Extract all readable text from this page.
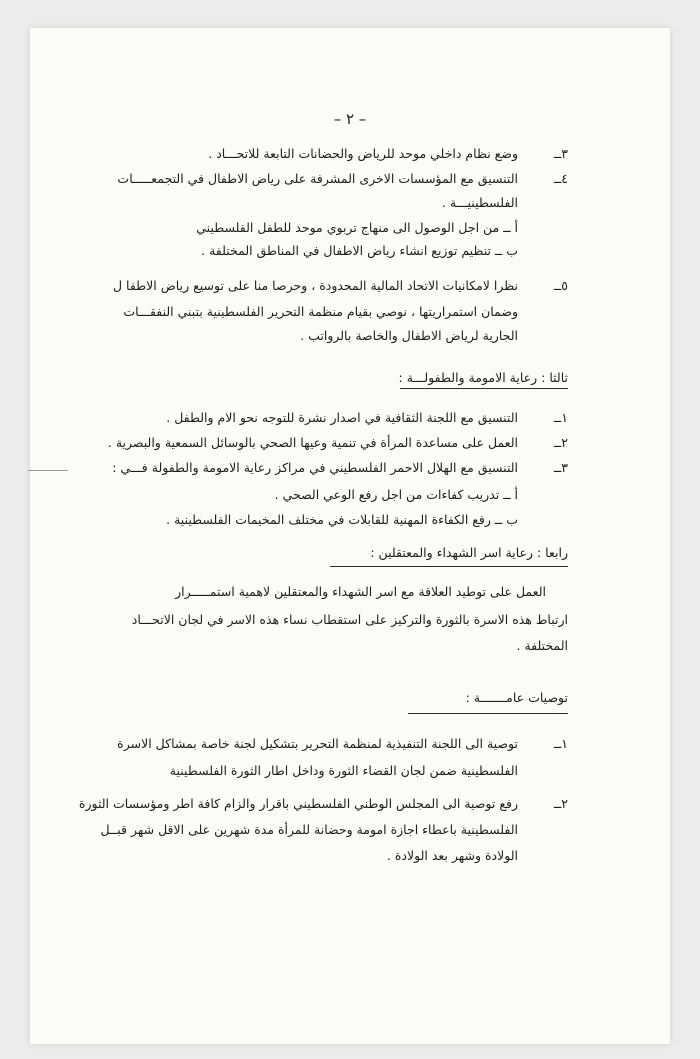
– ٢ –
٣ــ
وضع نظام داخلي موحد للرياض والحضانات التابعة للاتحـــاد .
٤ــ
التنسيق مع المؤسسات الاخرى المشرفة على رياض الاطفال في التجمعـــــات
الفلسطينيـــة .
أ ــ من اجل الوصول الى منهاج تربوي موحد للطفل الفلسطيني
ب ــ تنظيم توزيع انشاء رياض الاطفال في المناطق المختلفة .
٥ــ
نظرا لامكانيات الاتحاد المالية المحدودة ، وحرصا منا على توسيع رياض الاطفا ل
وضمان استمراريتها ، نوصي بقيام منظمة التحرير الفلسطينية بتبني النفقـــات
الجارية لرياض الاطفال والخاصة بالرواتب .
ثالثا : رعاية الامومة والطفولـــة :
١ــ
التنسيق مع اللجنة الثقافية في اصدار نشرة للتوجه نحو الام والطفل .
٢ــ
العمل على مساعدة المرأة في تنمية وعيها الصحي بالوسائل السمعية والبصرية .
٣ــ
التنسيق مع الهلال الاحمر الفلسطيني في مراكز رعاية الامومة والطفولة فـــي :
أ ــ تدريب كفاءات من اجل رفع الوعي الصحي .
ب ــ رفع الكفاءة المهنية للقابلات في مختلف المخيمات الفلسطينية .
رابعا : رعاية اسر الشهداء والمعتقلين :
العمل على توطيد العلاقة مع اسر الشهداء والمعتقلين لاهمية استمـــــرار
ارتباط هذه الاسرة بالثورة والتركيز على استقطاب نساء هذه الاسر في لجان الاتحـــاد
المختلفة .
توصيات عامـــــــة :
١ــ
توصية الى اللجنة التنفيذية لمنظمة التحرير بتشكيل لجنة خاصة بمشاكل الاسرة
الفلسطينية ضمن لجان القضاء الثورة وداخل اطار الثورة الفلسطينية
٢ــ
رفع توصية الى المجلس الوطني الفلسطيني باقرار والزام كافة اطر ومؤسسات الثورة
الفلسطينية باعطاء اجازة امومة وحضانة للمرأة مدة شهرين على الاقل شهر قبــل
الولادة وشهر بعد الولادة .
